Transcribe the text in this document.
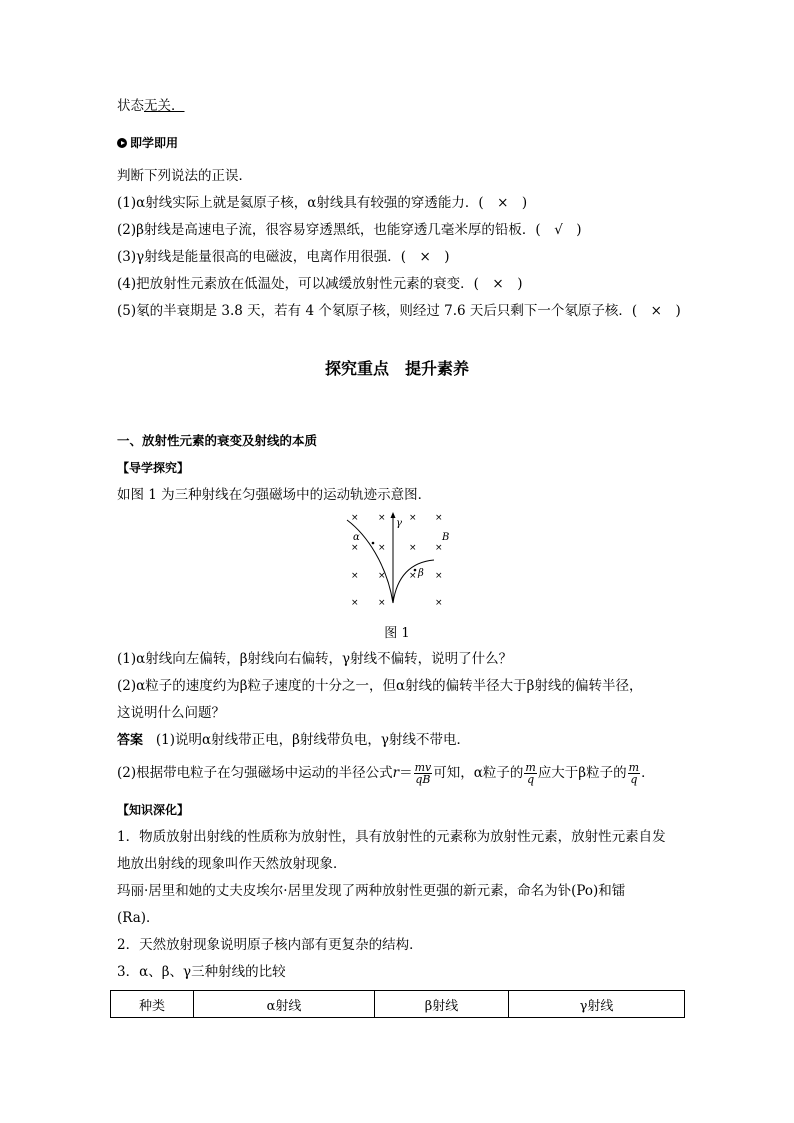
状态无关．
即学即用
判断下列说法的正误．
(1)α射线实际上就是氦原子核，α射线具有较强的穿透能力．(　×　)
(2)β射线是高速电子流，很容易穿透黑纸，也能穿透几毫米厚的铅板．(　√　)
(3)γ射线是能量很高的电磁波，电离作用很强．(　×　)
(4)把放射性元素放在低温处，可以减缓放射性元素的衰变．(　×　)
(5)氡的半衰期是 3.8 天，若有 4 个氡原子核，则经过 7.6 天后只剩下一个氡原子核．(　×　)
探究重点　提升素养
一、放射性元素的衰变及射线的本质
【导学探究】
如图 1 为三种射线在匀强磁场中的运动轨迹示意图．
× ×	× ×
× ×	× ×
× ×	× ×
× ×	×
α
γ
β
B
图 1
(1)α射线向左偏转，β射线向右偏转，γ射线不偏转，说明了什么？
(2)α粒子的速度约为β粒子速度的十分之一，但α射线的偏转半径大于β射线的偏转半径，
这说明什么问题？
答案 (1)说明α射线带正电，β射线带负电，γ射线不带电．
(2)根据带电粒子在匀强磁场中运动的半径公式$r= \frac{mv}{qB}$ 可知，α粒子的 $\frac{m}{q}$ 应大于β粒子的 $\frac{m}{q}$ ．
【知识深化】
1．物质放射出射线的性质称为放射性，具有放射性的元素称为放射性元素，放射性元素自发
地放出射线的现象叫作天然放射现象．
玛丽·居里和她的丈夫皮埃尔·居里发现了两种放射性更强的新元素，命名为钋(Po)和镭
(Ra)．
2．天然放射现象说明原子核内部有更复杂的结构．
3．α、β、γ三种射线的比较
种类	α射线	β射线	γ射线
